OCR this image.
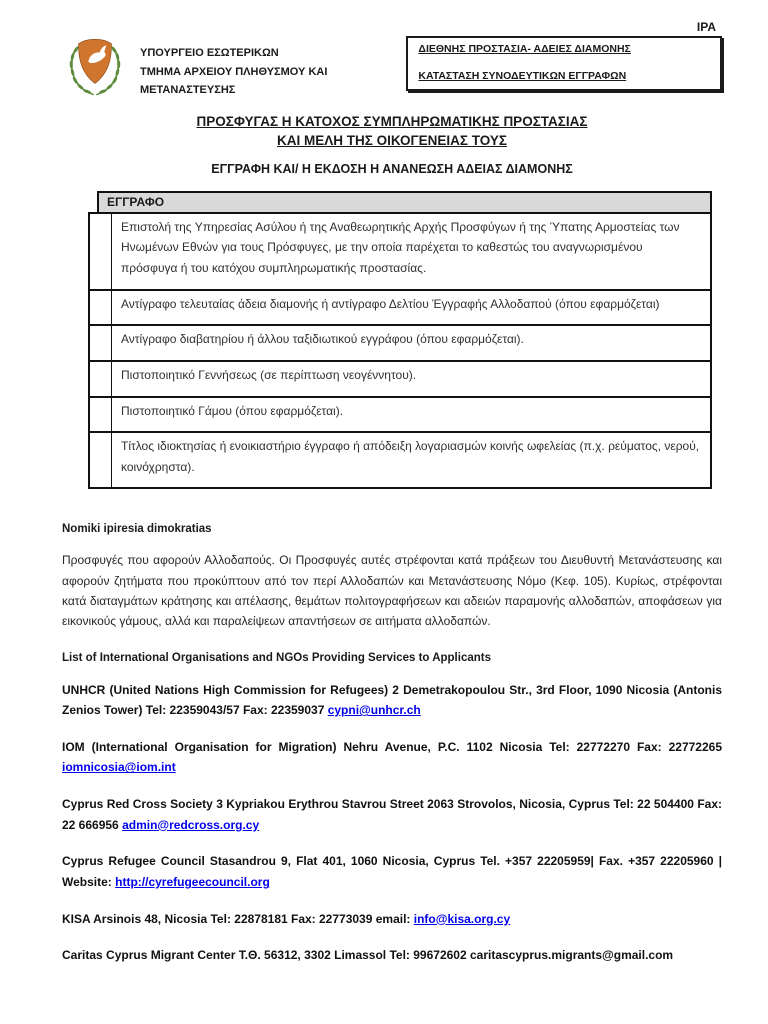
IPA
ΥΠΟΥΡΓΕΙΟ ΕΣΩΤΕΡΙΚΩΝ
ΤΜΗΜΑ ΑΡΧΕΙΟΥ ΠΛΗΘΥΣΜΟΥ ΚΑΙ ΜΕΤΑΝΑΣΤΕΥΣΗΣ

ΔΙΕΘΝΗΣ ΠΡΟΣΤΑΣΙΑ- ΑΔΕΙΕΣ ΔΙΑΜΟΝΗΣ

ΚΑΤΑΣΤΑΣΗ ΣΥΝΟΔΕΥΤΙΚΩΝ ΕΓΓΡΑΦΩΝ

ΠΡΟΣΦΥΓΑΣ Η ΚΑΤΟΧΟΣ ΣΥΜΠΛΗΡΩΜΑΤΙΚΗΣ ΠΡΟΣΤΑΣΙΑΣ
ΚΑΙ ΜΕΛΗ ΤΗΣ ΟΙΚΟΓΕΝΕΙΑΣ ΤΟΥΣ
ΕΓΓΡΑΦΗ ΚΑΙ/ Η ΕΚΔΟΣΗ Η ΑΝΑΝΕΩΣΗ ΑΔΕΙΑΣ ΔΙΑΜΟΝΗΣ
ΕΓΓΡΑΦΟ
Επιστολή της Υπηρεσίας Ασύλου ή της Αναθεωρητικής Αρχής Προσφύγων ή της Ύπατης Αρμοστείας των Ηνωμένων Εθνών για τους Πρόσφυγες, με την οποία παρέχεται το καθεστώς του αναγνωρισμένου πρόσφυγα ή του κατόχου συμπληρωματικής προστασίας.
Αντίγραφο τελευταίας άδεια διαμονής ή αντίγραφο Δελτίου Έγγραφής Αλλοδαπού (όπου εφαρμόζεται)
Αντίγραφο διαβατηρίου ή άλλου ταξιδιωτικού εγγράφου (όπου εφαρμόζεται).
Πιστοποιητικό Γεννήσεως (σε περίπτωση νεογέννητου).
Πιστοποιητικό Γάμου (όπου εφαρμόζεται).
Τίτλος ιδιοκτησίας ή ενοικιαστήριο έγγραφο ή απόδειξη λογαριασμών κοινής ωφελείας (π.χ. ρεύματος, νερού, κοινόχρηστα).

Nomiki ipiresia dimokratias

Προσφυγές που αφορούν Αλλοδαπούς. Οι Προσφυγές αυτές στρέφονται κατά πράξεων του Διευθυντή Μετανάστευσης και αφορούν ζητήματα που προκύπτουν από τον περί Αλλοδαπών και Μετανάστευσης Νόμο (Κεφ. 105). Κυρίως, στρέφονται κατά διαταγμάτων κράτησης και απέλασης, θεμάτων πολιτογραφήσεων και αδειών παραμονής αλλοδαπών, αποφάσεων για εικονικούς γάμους, αλλά και παραλείψεων απαντήσεων σε αιτήματα αλλοδαπών.

List of International Organisations and NGOs Providing Services to Applicants

UNHCR (United Nations High Commission for Refugees) 2 Demetrakopoulou Str., 3rd Floor, 1090 Nicosia (Antonis Zenios Tower) Tel: 22359043/57 Fax: 22359037 cypni@unhcr.ch

IOM (International Organisation for Migration) Nehru Avenue, P.C. 1102 Nicosia Tel: 22772270 Fax: 22772265 iomnicosia@iom.int

Cyprus Red Cross Society 3 Kypriakou Erythrou Stavrou Street 2063 Strovolos, Nicosia, Cyprus Tel: 22 504400 Fax: 22 666956 admin@redcross.org.cy

Cyprus Refugee Council Stasandrou 9, Flat 401, 1060 Nicosia, Cyprus Tel. +357 22205959| Fax. +357 22205960 | Website: http://cyrefugeecouncil.org

KISA Arsinois 48, Nicosia Tel: 22878181 Fax: 22773039 email: info@kisa.org.cy

Caritas Cyprus Migrant Center Τ.Θ. 56312, 3302 Limassol Tel: 99672602 caritascyprus.migrants@gmail.com
